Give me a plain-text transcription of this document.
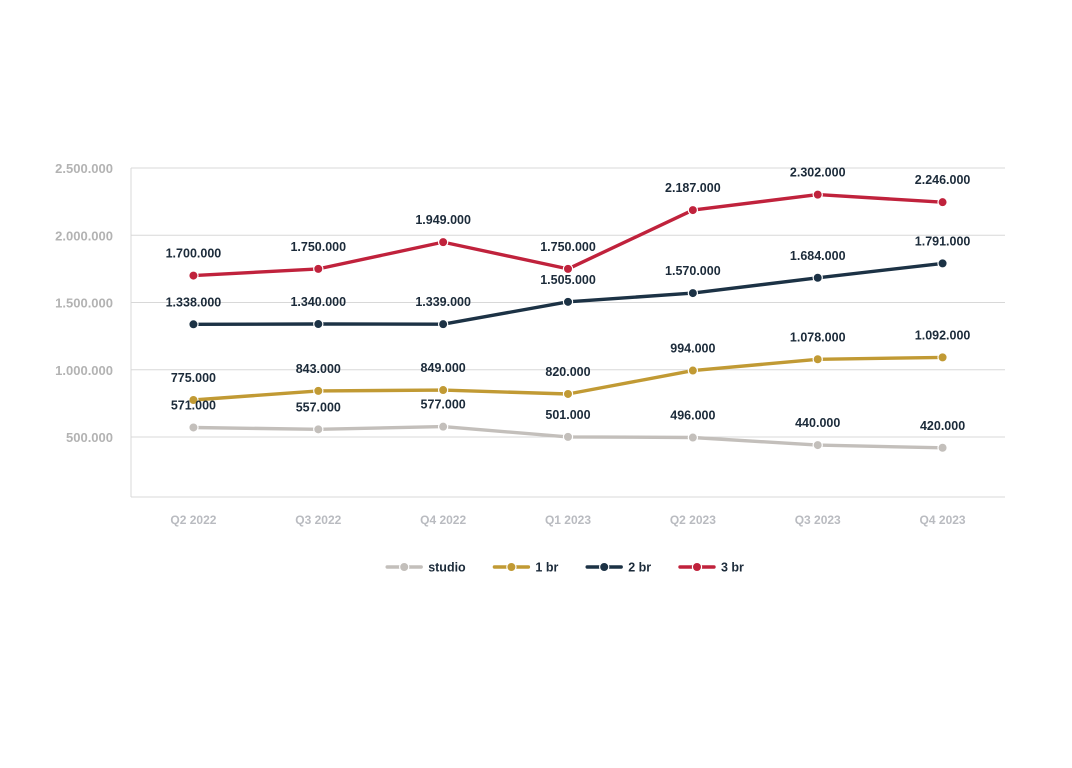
500.000
1.000.000
1.500.000
2.000.000
2.500.000
Q2 2022	Q3 2022	Q4 2022	Q1 2023	Q2 2023	Q3 2023	Q4 2023
571.000	557.000	577.000
501.000	496.000
440.000	420.000
775.000
843.000	849.000	820.000
994.000
1.078.000	1.092.000
1.338.000	1.340.000	1.339.000
1.505.000
1.570.000
1.684.000
1.791.000
1.700.000	1.750.000
1.949.000
1.750.000
2.187.000
2.302.000
2.246.000
studio	1 br	2 br	3 br
